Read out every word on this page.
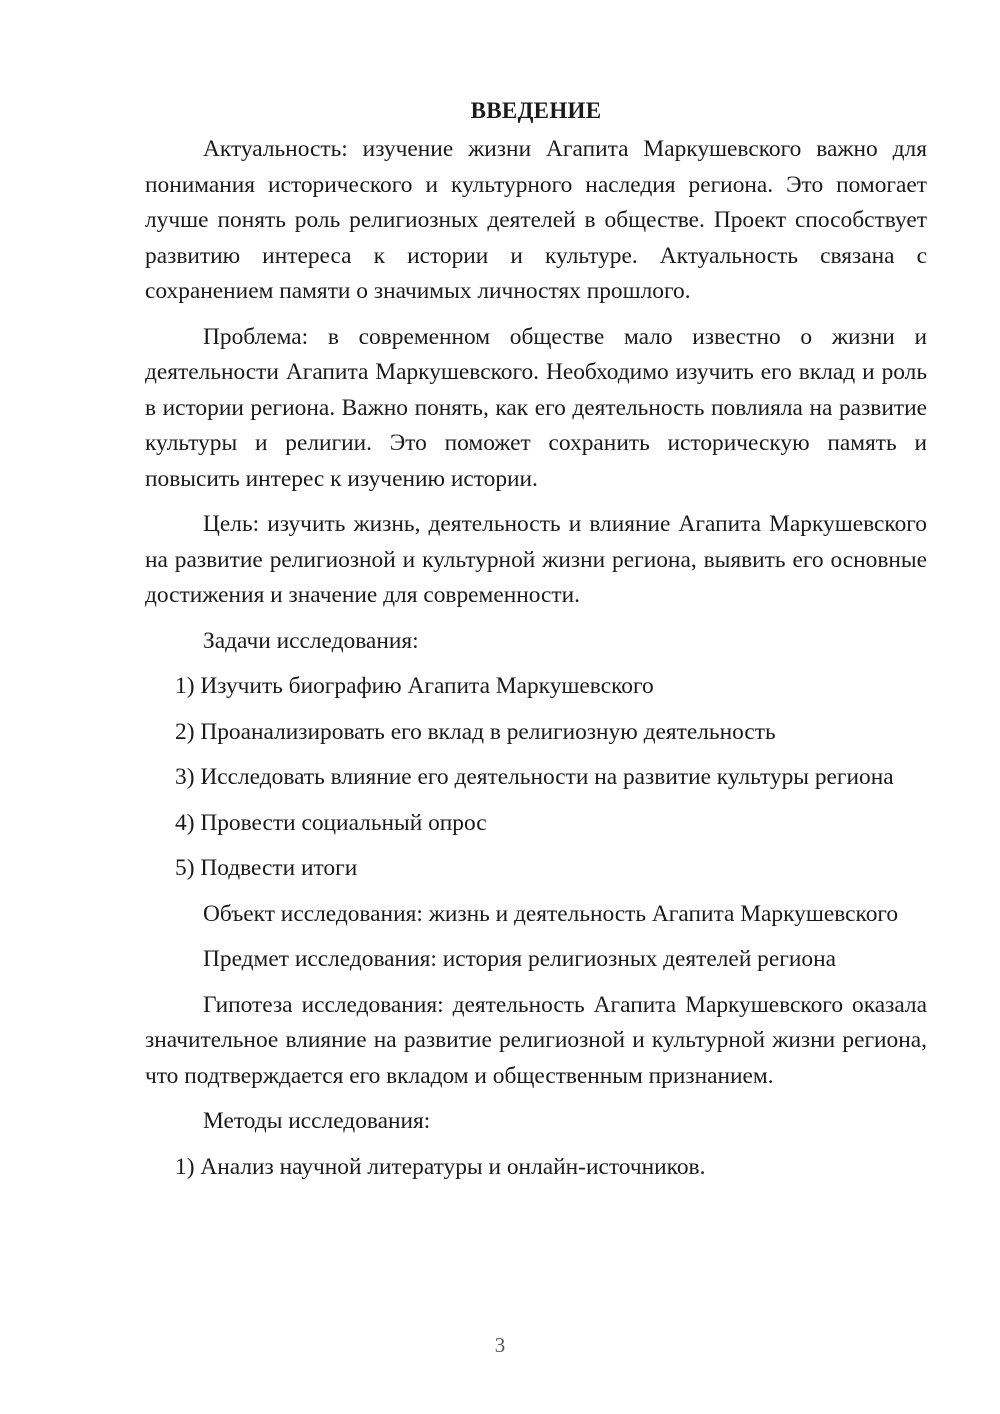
ВВЕДЕНИЕ

Актуальность: изучение жизни Агапита Маркушевского важно для понимания исторического и культурного наследия региона. Это помогает лучше понять роль религиозных деятелей в обществе. Проект способствует развитию интереса к истории и культуре. Актуальность связана с сохранением памяти о значимых личностях прошлого.

Проблема: в современном обществе мало известно о жизни и деятельности Агапита Маркушевского. Необходимо изучить его вклад и роль в истории региона. Важно понять, как его деятельность повлияла на развитие культуры и религии. Это поможет сохранить историческую память и повысить интерес к изучению истории.

Цель: изучить жизнь, деятельность и влияние Агапита Маркушевского на развитие религиозной и культурной жизни региона, выявить его основные достижения и значение для современности.

Задачи исследования:

1) Изучить биографию Агапита Маркушевского

2) Проанализировать его вклад в религиозную деятельность

3) Исследовать влияние его деятельности на развитие культуры региона

4) Провести социальный опрос

5) Подвести итоги

Объект исследования: жизнь и деятельность Агапита Маркушевского

Предмет исследования: история религиозных деятелей региона

Гипотеза исследования: деятельность Агапита Маркушевского оказала значительное влияние на развитие религиозной и культурной жизни региона, что подтверждается его вкладом и общественным признанием.

Методы исследования:

1) Анализ научной литературы и онлайн-источников.

3
